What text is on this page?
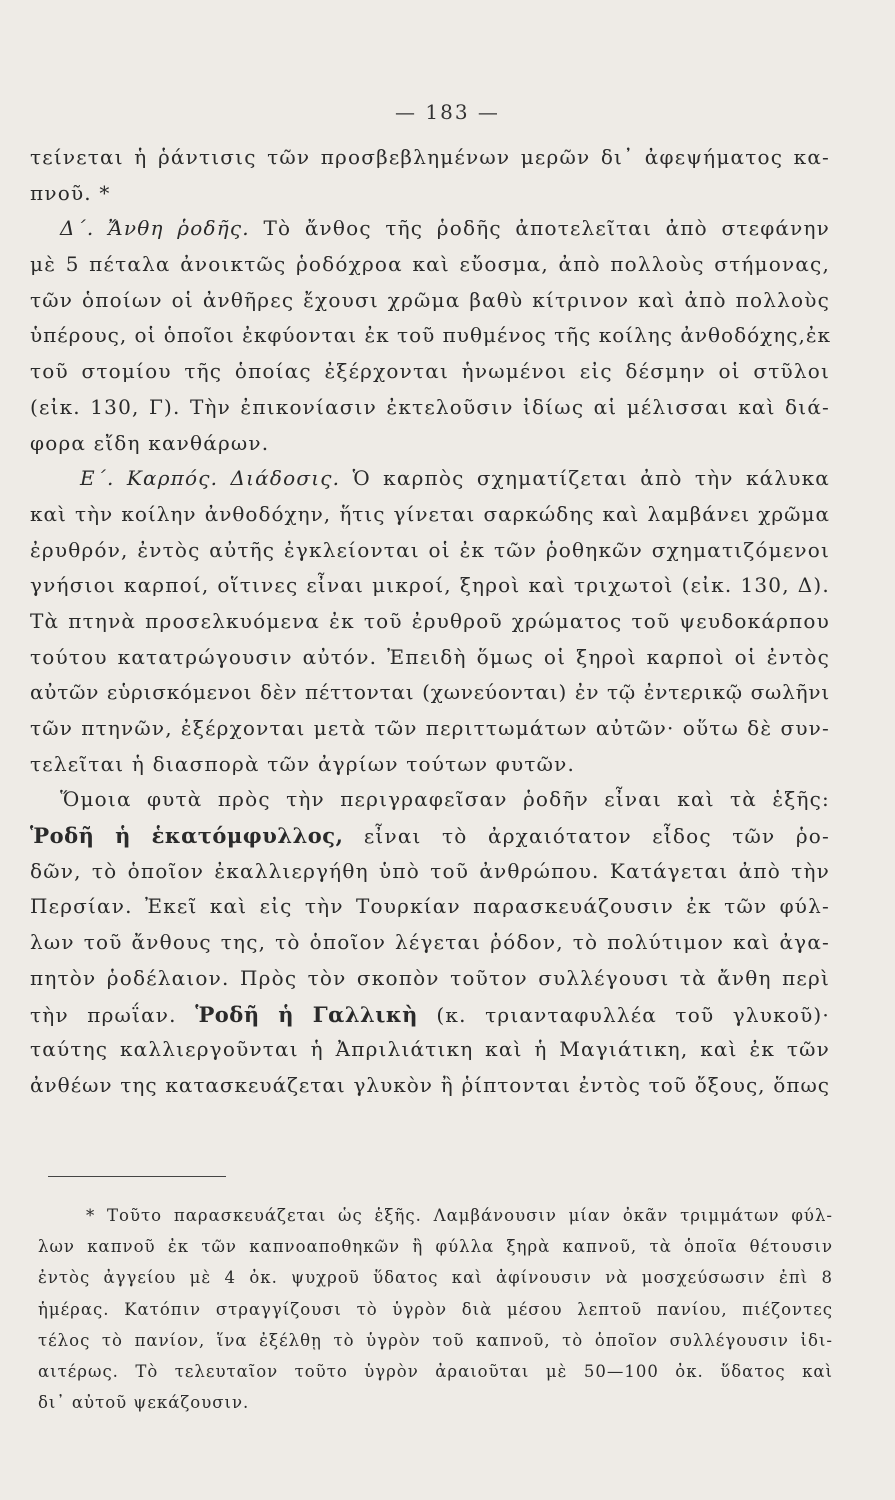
— 183 —
τείνεται ἡ ῥάντισις τῶν προσβεβλημένων μερῶν δι᾽ ἀφεψήματος κα-
πνοῦ. *
Δ΄. Ἄνθη ῥοδῆς. Τὸ ἄνθος τῆς ῥοδῆς ἀποτελεῖται ἀπὸ στεφάνην
μὲ 5 πέταλα ἀνοικτῶς ῥοδόχροα καὶ εὔοσμα, ἀπὸ πολλοὺς στήμονας,
τῶν ὁποίων οἱ ἀνθῆρες ἔχουσι χρῶμα βαθὺ κίτρινον καὶ ἀπὸ πολλοὺς
ὑπέρους, οἱ ὁποῖοι ἐκφύονται ἐκ τοῦ πυθμένος τῆς κοίλης ἀνθοδόχης,ἐκ
τοῦ στομίου τῆς ὁποίας ἐξέρχονται ἡνωμένοι εἰς δέσμην οἱ στῦλοι
(εἰκ. 130, Γ). Τὴν ἐπικονίασιν ἐκτελοῦσιν ἰδίως αἱ μέλισσαι καὶ διά-
φορα εἴδη κανθάρων.
Ε΄. Καρπός. Διάδοσις. Ὁ καρπὸς σχηματίζεται ἀπὸ τὴν κάλυκα
καὶ τὴν κοίλην ἀνθοδόχην, ἥτις γίνεται σαρκώδης καὶ λαμβάνει χρῶμα
ἐρυθρόν, ἐντὸς αὐτῆς ἐγκλείονται οἱ ἐκ τῶν ῥοθηκῶν σχηματιζόμενοι
γνήσιοι καρποί, οἵτινες εἶναι μικροί, ξηροὶ καὶ τριχωτοὶ (εἰκ. 130, Δ).
Τὰ πτηνὰ προσελκυόμενα ἐκ τοῦ ἐρυθροῦ χρώματος τοῦ ψευδοκάρπου
τούτου κατατρώγουσιν αὐτόν. Ἐπειδὴ ὅμως οἱ ξηροὶ καρποὶ οἱ ἐντὸς
αὐτῶν εὑρισκόμενοι δὲν πέττονται (χωνεύονται) ἐν τῷ ἐντερικῷ σωλῆνι
τῶν πτηνῶν, ἐξέρχονται μετὰ τῶν περιττωμάτων αὐτῶν· οὕτω δὲ συν-
τελεῖται ἡ διασπορὰ τῶν ἀγρίων τούτων φυτῶν.
Ὅμοια φυτὰ πρὸς τὴν περιγραφεῖσαν ῥοδῆν εἶναι καὶ τὰ ἑξῆς:
Ῥοδῆ ἡ ἑκατόμφυλλος, εἶναι τὸ ἀρχαιότατον εἶδος τῶν ῥο-
δῶν, τὸ ὁποῖον ἐκαλλιεργήθη ὑπὸ τοῦ ἀνθρώπου. Κατάγεται ἀπὸ τὴν
Περσίαν. Ἐκεῖ καὶ εἰς τὴν Τουρκίαν παρασκευάζουσιν ἐκ τῶν φύλ-
λων τοῦ ἄνθους της, τὸ ὁποῖον λέγεται ῥόδον, τὸ πολύτιμον καὶ ἀγα-
πητὸν ῥοδέλαιον. Πρὸς τὸν σκοπὸν τοῦτον συλλέγουσι τὰ ἄνθη περὶ
τὴν πρωΐαν. Ῥοδῆ ἡ Γαλλικὴ (κ. τριανταφυλλέα τοῦ γλυκοῦ)·
ταύτης καλλιεργοῦνται ἡ Ἀπριλιάτικη καὶ ἡ Μαγιάτικη, καὶ ἐκ τῶν
ἀνθέων της κατασκευάζεται γλυκὸν ἢ ῥίπτονται ἐντὸς τοῦ ὄξους, ὅπως
* Τοῦτο παρασκευάζεται ὡς ἑξῆς. Λαμβάνουσιν μίαν ὀκᾶν τριμμάτων φύλ-
λων καπνοῦ ἐκ τῶν καπνοαποθηκῶν ἢ φύλλα ξηρὰ καπνοῦ, τὰ ὁποῖα θέτουσιν
ἐντὸς ἀγγείου μὲ 4 ὀκ. ψυχροῦ ὕδατος καὶ ἀφίνουσιν νὰ μοσχεύσωσιν ἐπὶ 8
ἡμέρας. Κατόπιν στραγγίζουσι τὸ ὑγρὸν διὰ μέσου λεπτοῦ πανίου, πιέζοντες
τέλος τὸ πανίον, ἵνα ἐξέλθῃ τὸ ὑγρὸν τοῦ καπνοῦ, τὸ ὁποῖον συλλέγουσιν ἰδι-
αιτέρως. Τὸ τελευταῖον τοῦτο ὑγρὸν ἀραιοῦται μὲ 50—100 ὀκ. ὕδατος καὶ
δι᾽ αὐτοῦ ψεκάζουσιν.
